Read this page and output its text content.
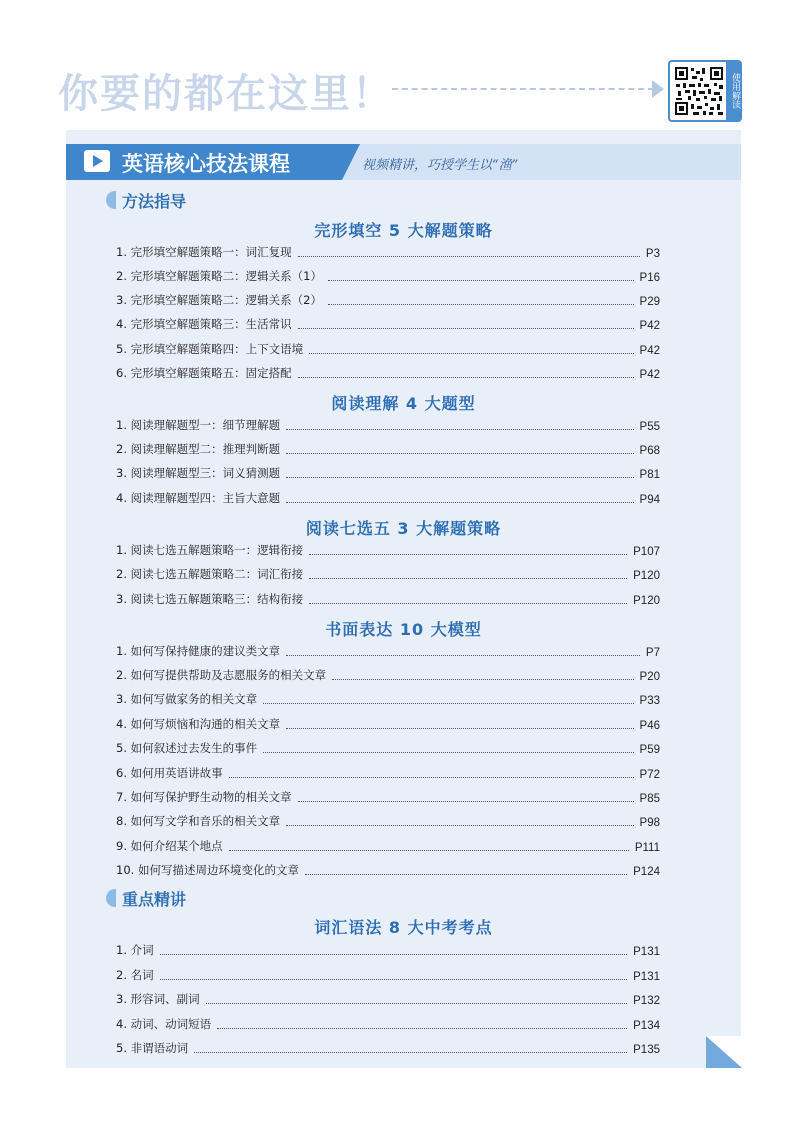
你要的都在这里！	使用解读
英语核心技法课程	视频精讲，巧授学生以“渔”
方法指导
完形填空 5 大解题策略
1. 完形填空解题策略一：词汇复现	P3
2. 完形填空解题策略二：逻辑关系（1）	P16
3. 完形填空解题策略二：逻辑关系（2）	P29
4. 完形填空解题策略三：生活常识	P42
5. 完形填空解题策略四：上下文语境	P42
6. 完形填空解题策略五：固定搭配	P42
阅读理解 4 大题型
1. 阅读理解题型一：细节理解题	P55
2. 阅读理解题型二：推理判断题	P68
3. 阅读理解题型三：词义猜测题	P81
4. 阅读理解题型四：主旨大意题	P94
阅读七选五 3 大解题策略
1. 阅读七选五解题策略一：逻辑衔接	P107
2. 阅读七选五解题策略二：词汇衔接	P120
3. 阅读七选五解题策略三：结构衔接	P120
书面表达 10 大模型
1. 如何写保持健康的建议类文章	P7
2. 如何写提供帮助及志愿服务的相关文章	P20
3. 如何写做家务的相关文章	P33
4. 如何写烦恼和沟通的相关文章	P46
5. 如何叙述过去发生的事件	P59
6. 如何用英语讲故事	P72
7. 如何写保护野生动物的相关文章	P85
8. 如何写文学和音乐的相关文章	P98
9. 如何介绍某个地点	P111
10. 如何写描述周边环境变化的文章	P124
重点精讲
词汇语法 8 大中考考点
1. 介词	P131
2. 名词	P131
3. 形容词、副词	P132
4. 动词、动词短语	P134
5. 非谓语动词	P135
